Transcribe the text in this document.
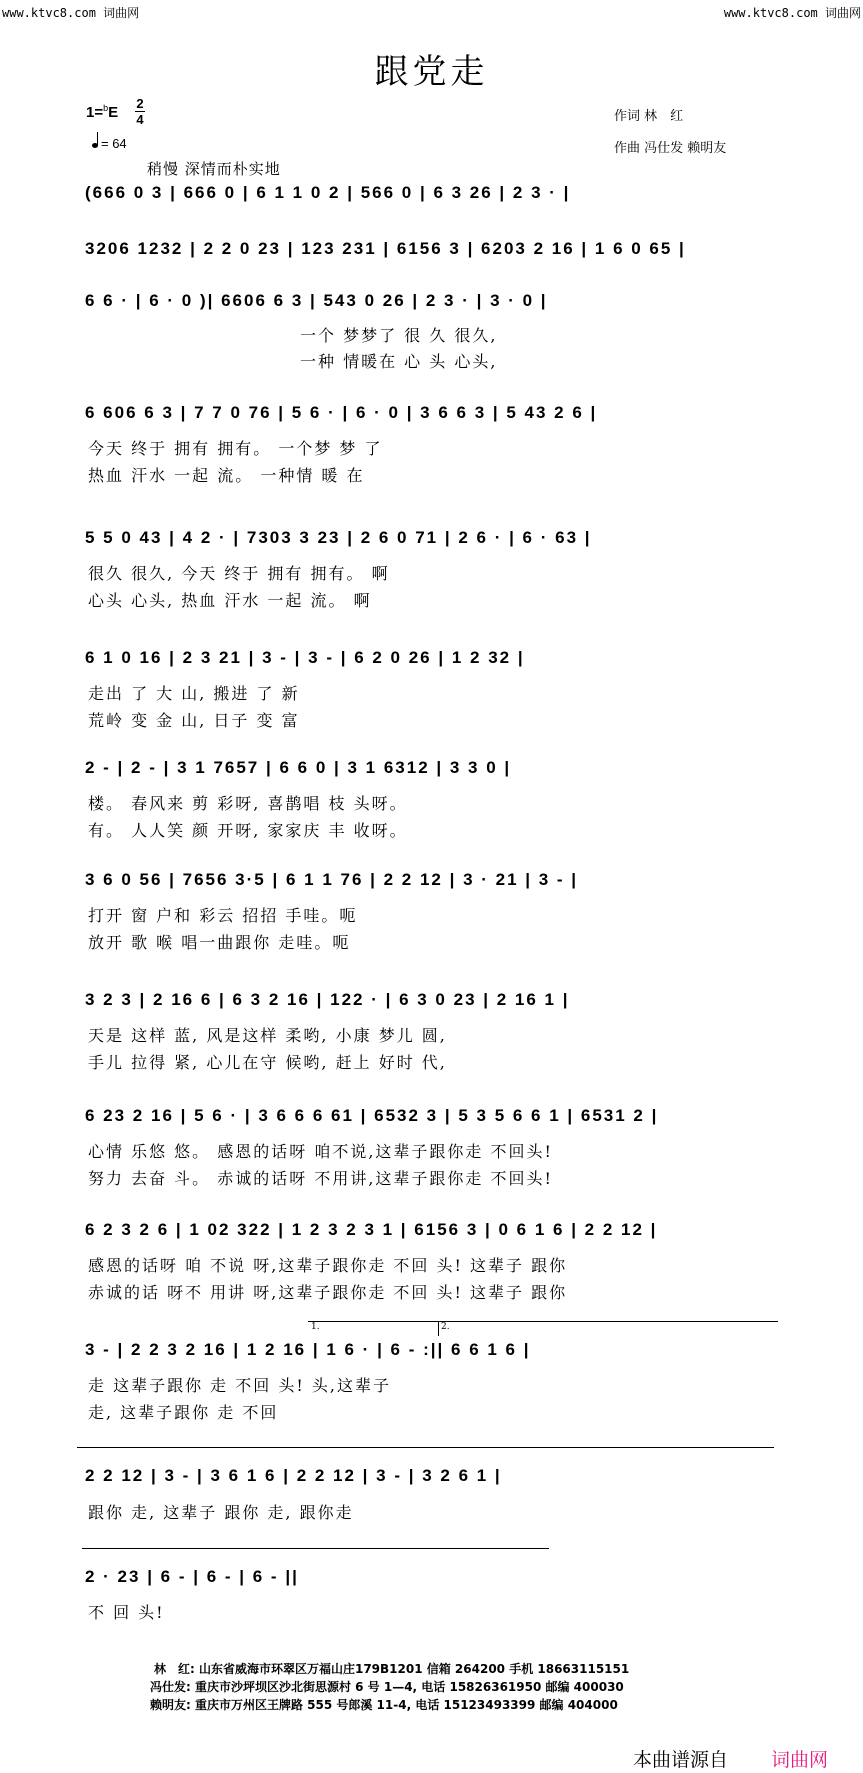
www.ktvc8.com 词曲网	www.ktvc8.com 词曲网
跟党走
1=$^b$E
2
4
= 64
稍慢 深情而朴实地
作词 林　红
作曲 冯仕发 赖明友
(666 0 3 | 666 0 | 6 1 1 0 2 | 566 0 | 6 3 26 | 2 3 · |
3206 1232 | 2 2 0 23 | 123 231 | 6156 3 | 6203 2 16 | 1 6 0 65 |
6 6 · | 6 · 0 )| 6606 6 3 | 543 0 26 | 2 3 · | 3 · 0 |
一个 梦梦了 很 久 很久,
一种 情暖在 心 头 心头,
6 606 6 3 | 7 7 0 76 | 5 6 · | 6 · 0 | 3 6 6 3 | 5 43 2 6 |
今天 终于 拥有 拥有。 一个梦 梦 了
热血 汗水 一起 流。 一种情 暖 在
5 5 0 43 | 4 2 · | 7303 3 23 | 2 6 0 71 | 2 6 · | 6 · 63 |
很久 很久, 今天 终于 拥有 拥有。 啊
心头 心头, 热血 汗水 一起 流。 啊
6 1 0 16 | 2 3 21 | 3 - | 3 - | 6 2 0 26 | 1 2 32 |
走出 了 大 山, 搬进 了 新
荒岭 变 金 山, 日子 变 富
2 - | 2 - | 3 1 7657 | 6 6 0 | 3 1 6312 | 3 3 0 |
楼。 春风来 剪 彩呀, 喜鹊唱 枝 头呀。
有。 人人笑 颜 开呀, 家家庆 丰 收呀。
3 6 0 56 | 7656 3·5 | 6 1 1 76 | 2 2 12 | 3 · 21 | 3 - |
打开 窗 户和 彩云 招招 手哇。呃
放开 歌 喉 唱一曲跟你 走哇。呃
3 2 3 | 2 16 6 | 6 3 2 16 | 122 · | 6 3 0 23 | 2 16 1 |
天是 这样 蓝, 风是这样 柔哟, 小康 梦儿 圆,
手儿 拉得 紧, 心儿在守 候哟, 赶上 好时 代,
6 23 2 16 | 5 6 · | 3 6 6 6 61 | 6532 3 | 5 3 5 6 6 1 | 6531 2 |
心情 乐悠 悠。 感恩的话呀 咱不说,这辈子跟你走 不回头!
努力 去奋 斗。 赤诚的话呀 不用讲,这辈子跟你走 不回头!
6 2 3 2 6 | 1 02 322 | 1 2 3 2 3 1 | 6156 3 | 0 6 1 6 | 2 2 12 |
感恩的话呀 咱 不说 呀,这辈子跟你走 不回 头! 这辈子 跟你
赤诚的话 呀不 用讲 呀,这辈子跟你走 不回 头! 这辈子 跟你
1.	2.
3 - | 2 2 3 2 16 | 1 2 16 | 1 6 · | 6 - :|| 6 6 1 6 |
走 这辈子跟你 走 不回 头! 头,这辈子
走, 这辈子跟你 走 不回
2 2 12 | 3 - | 3 6 1 6 | 2 2 12 | 3 - | 3 2 6 1 |
跟你 走, 这辈子 跟你 走, 跟你走
2 · 23 | 6 - | 6 - | 6 - ||
不 回 头!
林　红: 山东省威海市环翠区万福山庄179B1201 信箱 264200 手机 18663115151
冯仕发: 重庆市沙坪坝区沙北街思源村 6 号 1—4, 电话 15826361950 邮编 400030
赖明友: 重庆市万州区王牌路 555 号郎溪 11-4, 电话 15123493399 邮编 404000
本曲谱源自 词曲网
